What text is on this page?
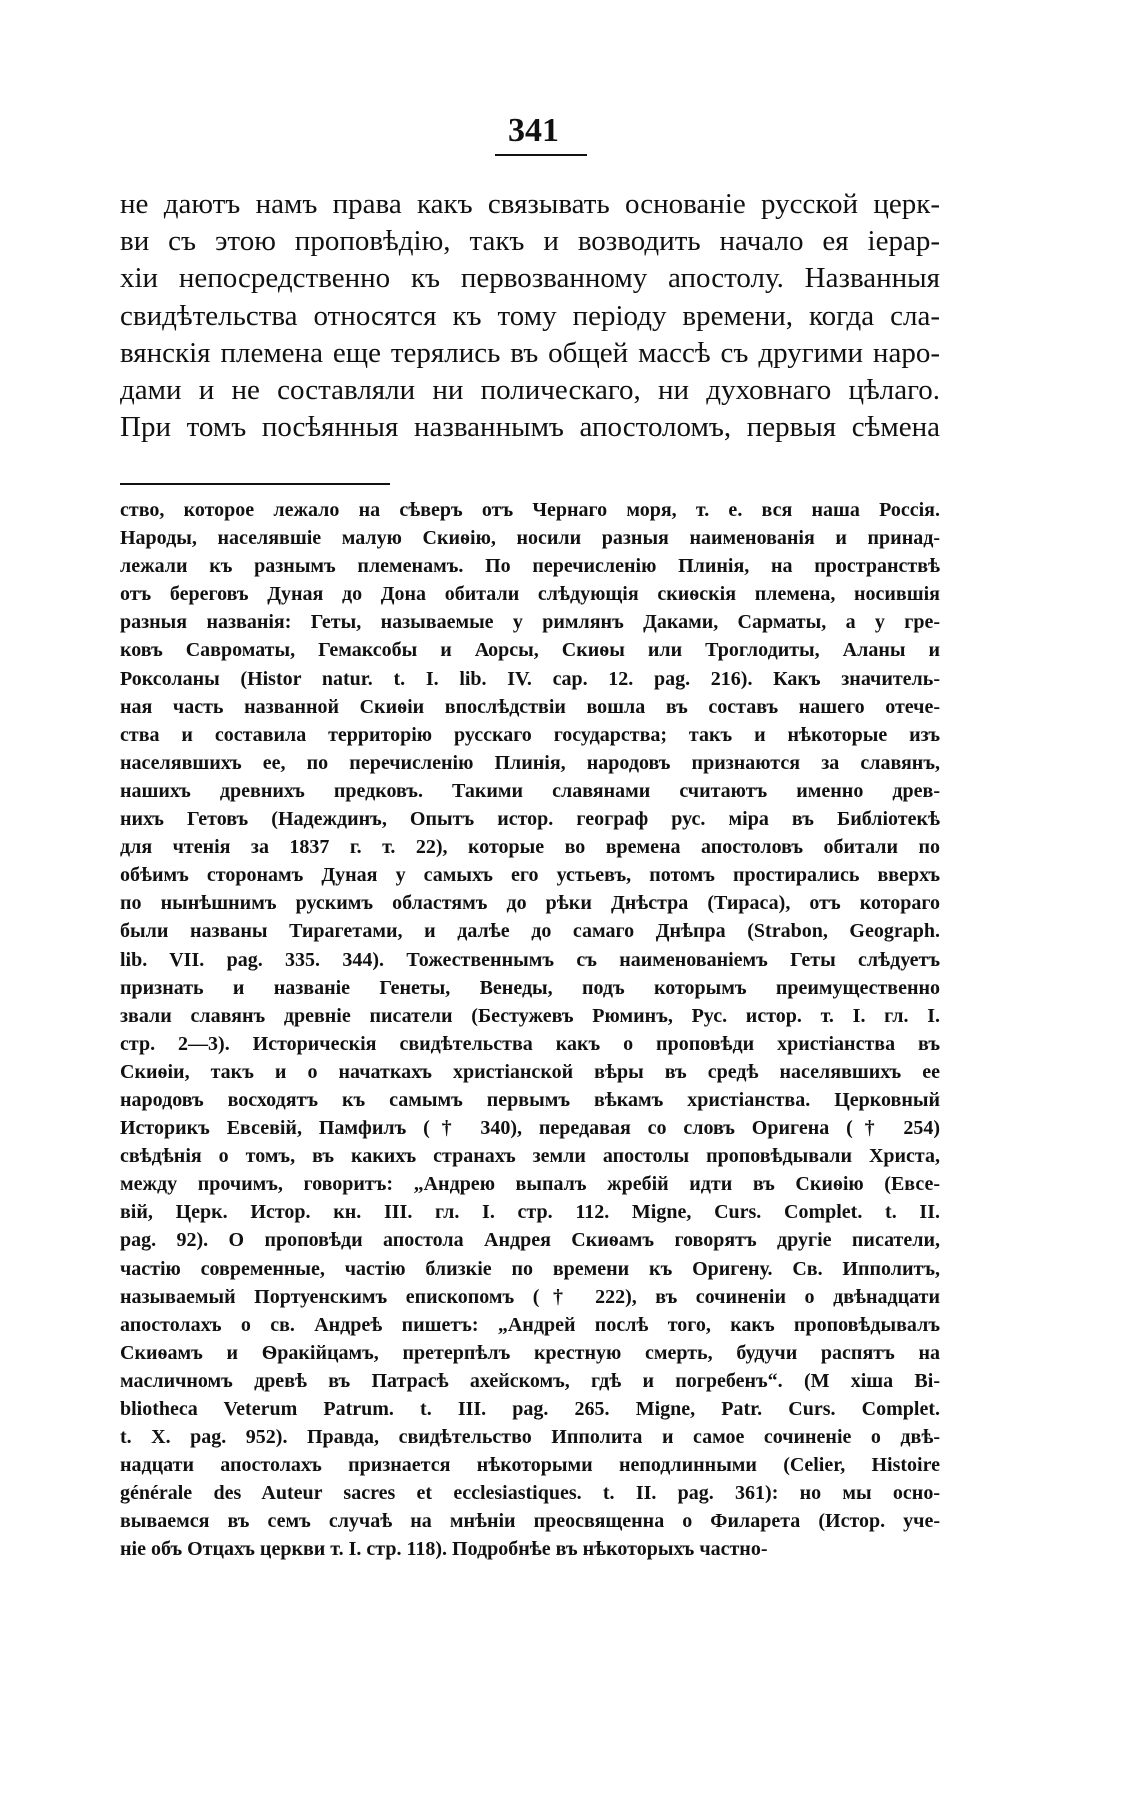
341
не даютъ намъ права какъ связывать основаніе русской церк-
ви съ этою проповѣдію, такъ и возводить начало ея іерар-
хіи непосредственно къ первозванному апостолу. Названныя
свидѣтельства относятся къ тому періоду времени, когда сла-
вянскія племена еще терялись въ общей массѣ съ другими наро-
дами и не составляли ни полическаго, ни духовнаго цѣлаго.
При томъ посѣянныя названнымъ апостоломъ, первыя сѣмена
ство, которое лежало на сѣверъ отъ Чернаго моря, т. е. вся наша Россія.
Народы, населявшіе малую Скиѳію, носили разныя наименованія и принад-
лежали къ разнымъ племенамъ. По перечисленію Плинія, на пространствѣ
отъ береговъ Дуная до Дона обитали слѣдующія скиѳскія племена, носившія
разныя названія: Геты, называемые у римлянъ Даками, Сарматы, а у гре-
ковъ Савроматы, Гемаксобы и Аорсы, Скиѳы или Троглодиты, Аланы и
Роксоланы (Histor natur. t. I. lib. IV. cap. 12. pag. 216). Какъ значитель-
ная часть названной Скиѳіи впослѣдствіи вошла въ составъ нашего отече-
ства и составила территорію русскаго государства; такъ и нѣкоторые изъ
населявшихъ ее, по перечисленію Плинія, народовъ признаются за славянъ,
нашихъ древнихъ предковъ. Такими славянами считаютъ именно древ-
нихъ Гетовъ (Надеждинъ, Опытъ истор. географ рус. міра въ Библіотекѣ
для чтенія за 1837 г. т. 22), которые во времена апостоловъ обитали по
обѣимъ сторонамъ Дуная у самыхъ его устьевъ, потомъ простирались вверхъ
по нынѣшнимъ рускимъ областямъ до рѣки Днѣстра (Тираса), отъ котораго
были названы Тирагетами, и далѣе до самаго Днѣпра (Strabon, Geograph.
lib. VII. pag. 335. 344). Тожественнымъ съ наименованіемъ Геты слѣдуетъ
признать и названіе Генеты, Венеды, подъ которымъ преимущественно
звали славянъ древніе писатели (Бестужевъ Рюминъ, Рус. истор. т. I. гл. I.
стр. 2—3). Историческія свидѣтельства какъ о проповѣди христіанства въ
Скиѳіи, такъ и о начаткахъ христіанской вѣры въ средѣ населявшихъ ее
народовъ восходятъ къ самымъ первымъ вѣкамъ христіанства. Церковный
Историкъ Евсевій, Памфилъ († 340), передавая со словъ Оригена († 254)
свѣдѣнія о томъ, въ какихъ странахъ земли апостолы проповѣдывали Христа,
между прочимъ, говоритъ: „Андрею выпалъ жребій идти въ Скиѳію (Евсе-
вій, Церк. Истор. кн. III. гл. I. стр. 112. Migne, Curs. Complet. t. II.
pag. 92). О проповѣди апостола Андрея Скиѳамъ говорятъ другіе писатели,
частію современные, частію близкіе по времени къ Оригену. Св. Ипполитъ,
называемый Портуенскимъ епископомъ († 222), въ сочиненіи о двѣнадцати
апостолахъ о св. Андреѣ пишетъ: „Андрей послѣ того, какъ проповѣдывалъ
Скиѳамъ и Ѳракійцамъ, претерпѣлъ крестную смерть, будучи распятъ на
масличномъ древѣ въ Патрасѣ ахейскомъ, гдѣ и погребенъ“. (M xiша Bi-
bliotheca Veterum Patrum. t. III. pag. 265. Migne, Patr. Curs. Complet.
t. X. pag. 952). Правда, свидѣтельство Ипполита и самое сочиненіе о двѣ-
надцати апостолахъ признается нѣкоторыми неподлинными (Celier, Histoire
générale des Auteur sacres et ecclesiastiques. t. II. pag. 361): но мы осно-
вываемся въ семъ случаѣ на мнѣніи преосвященна о Филарета (Истор. уче-
ніе объ Отцахъ церкви т. I. стр. 118). Подробнѣе въ нѣкоторыхъ частно-
